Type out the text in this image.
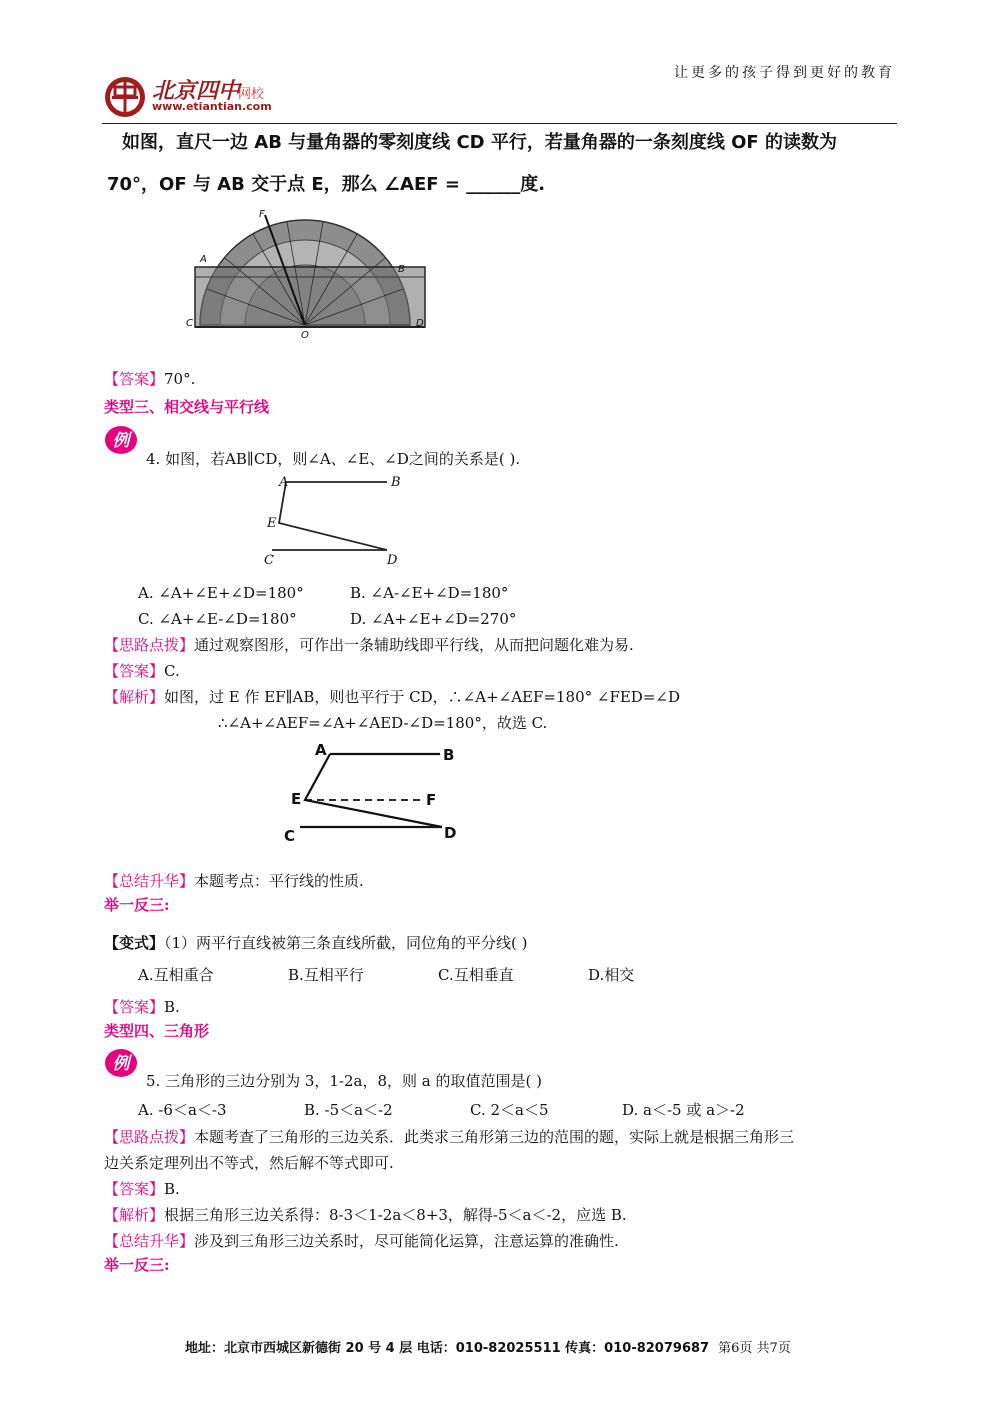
让更多的孩子得到更好的教育
北京四中
网校
www.etiantian.com
如图，直尺一边 AB 与量角器的零刻度线 CD 平行，若量角器的一条刻度线 OF 的读数为
70°，OF 与 AB 交于点 E，那么 ∠AEF = ______度.
F
A
B
C	D
O
【答案】70°.
类型三、相交线与平行线
例
4. 如图，若AB∥CD，则∠A、∠E、∠D之间的关系是( ).
A	B
E
C	D
A. ∠A+∠E+∠D=180°	B. ∠A-∠E+∠D=180°
C. ∠A+∠E-∠D=180°	D. ∠A+∠E+∠D=270°
【思路点拨】通过观察图形，可作出一条辅助线即平行线，从而把问题化难为易.
【答案】C.
【解析】如图，过 E 作 EF∥AB，则也平行于 CD，∴∠A+∠AEF=180° ∠FED=∠D
∴∠A+∠AEF=∠A+∠AED-∠D=180°，故选 C.
A	B
E	F
C	D
【总结升华】本题考点：平行线的性质.
举一反三:
【变式】（1）两平行直线被第三条直线所截，同位角的平分线( )
A.互相重合	B.互相平行	C.互相垂直	D.相交
【答案】B.
类型四、三角形
例
5. 三角形的三边分别为 3，1-2a，8，则 a 的取值范围是( )
A. -6＜a＜-3	B. -5＜a＜-2	C. 2＜a＜5	D. a＜-5 或 a＞-2
【思路点拨】本题考查了三角形的三边关系．此类求三角形第三边的范围的题，实际上就是根据三角形三
边关系定理列出不等式，然后解不等式即可.
【答案】B.
【解析】根据三角形三边关系得：8-3＜1-2a＜8+3，解得-5＜a＜-2，应选 B.
【总结升华】涉及到三角形三边关系时，尽可能简化运算，注意运算的准确性.
举一反三:
地址：北京市西城区新德街 20 号 4 层 电话：010-82025511 传真：010-82079687 第6页 共7页
